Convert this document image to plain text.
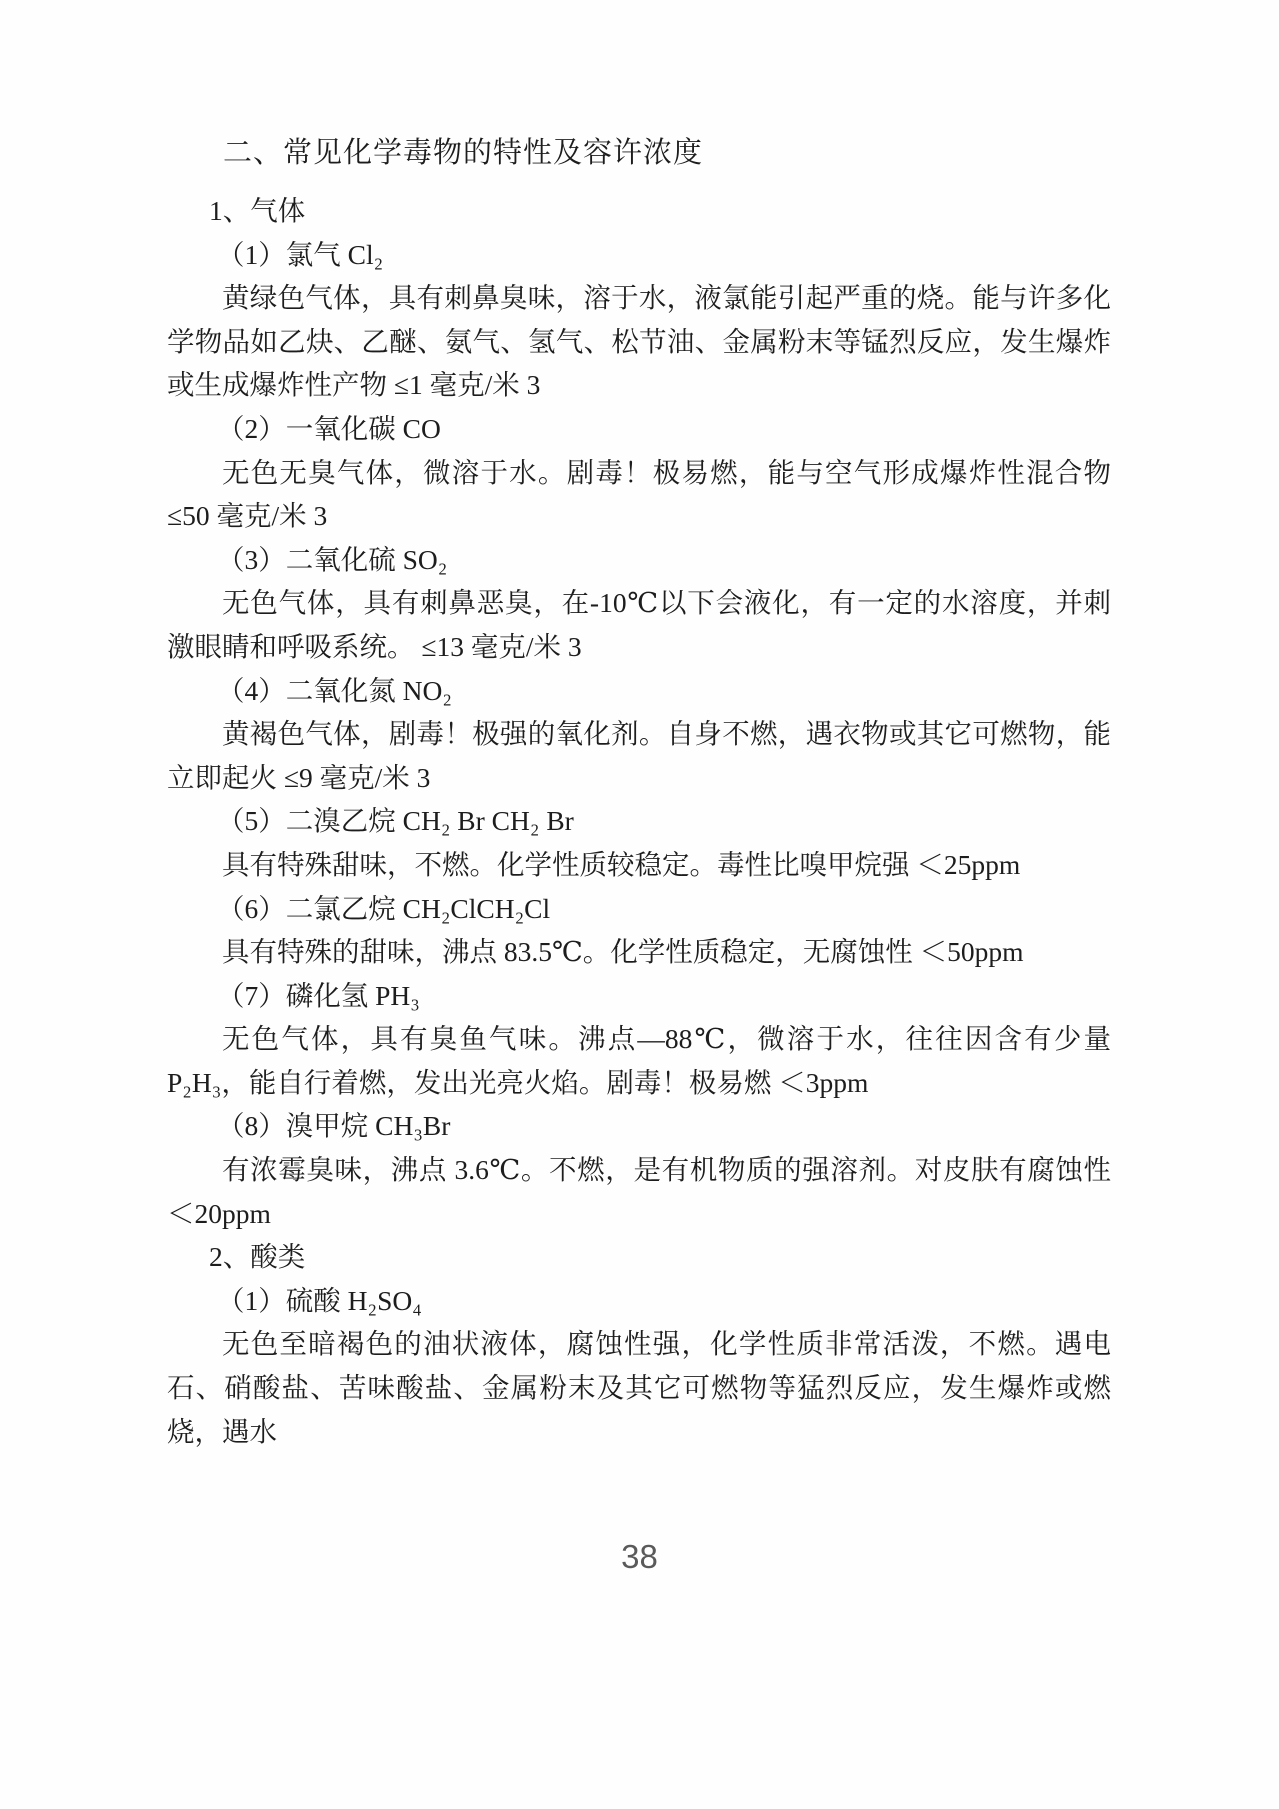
二、常见化学毒物的特性及容许浓度

1、气体

（1）氯气 Cl₂

黄绿色气体，具有刺鼻臭味，溶于水，液氯能引起严重的烧。能与许多化学物品如乙炔、乙醚、氨气、氢气、松节油、金属粉末等锰烈反应，发生爆炸或生成爆炸性产物 ≤1 毫克/米 3

（2）一氧化碳 CO

无色无臭气体，微溶于水。剧毒！极易燃，能与空气形成爆炸性混合物 ≤50 毫克/米 3

（3）二氧化硫 SO₂

无色气体，具有刺鼻恶臭，在-10℃以下会液化，有一定的水溶度，并刺激眼睛和呼吸系统。 ≤13 毫克/米 3

（4）二氧化氮 NO₂

黄褐色气体，剧毒！极强的氧化剂。自身不燃，遇衣物或其它可燃物，能立即起火 ≤9 毫克/米 3

（5）二溴乙烷 CH₂ Br CH₂ Br

具有特殊甜味，不燃。化学性质较稳定。毒性比嗅甲烷强 ＜25ppm

（6）二氯乙烷 CH₂ClCH₂Cl

具有特殊的甜味，沸点 83.5℃。化学性质稳定，无腐蚀性 ＜50ppm

（7）磷化氢 PH₃

无色气体，具有臭鱼气味。沸点—88℃，微溶于水，往往因含有少量 P₂H₃，能自行着燃，发出光亮火焰。剧毒！极易燃 ＜3ppm

（8）溴甲烷 CH₃Br

有浓霉臭味，沸点 3.6℃。不燃，是有机物质的强溶剂。对皮肤有腐蚀性 ＜20ppm

2、酸类

（1）硫酸 H₂SO₄

无色至暗褐色的油状液体，腐蚀性强，化学性质非常活泼，不燃。遇电石、硝酸盐、苦味酸盐、金属粉末及其它可燃物等猛烈反应，发生爆炸或燃烧，遇水

38
